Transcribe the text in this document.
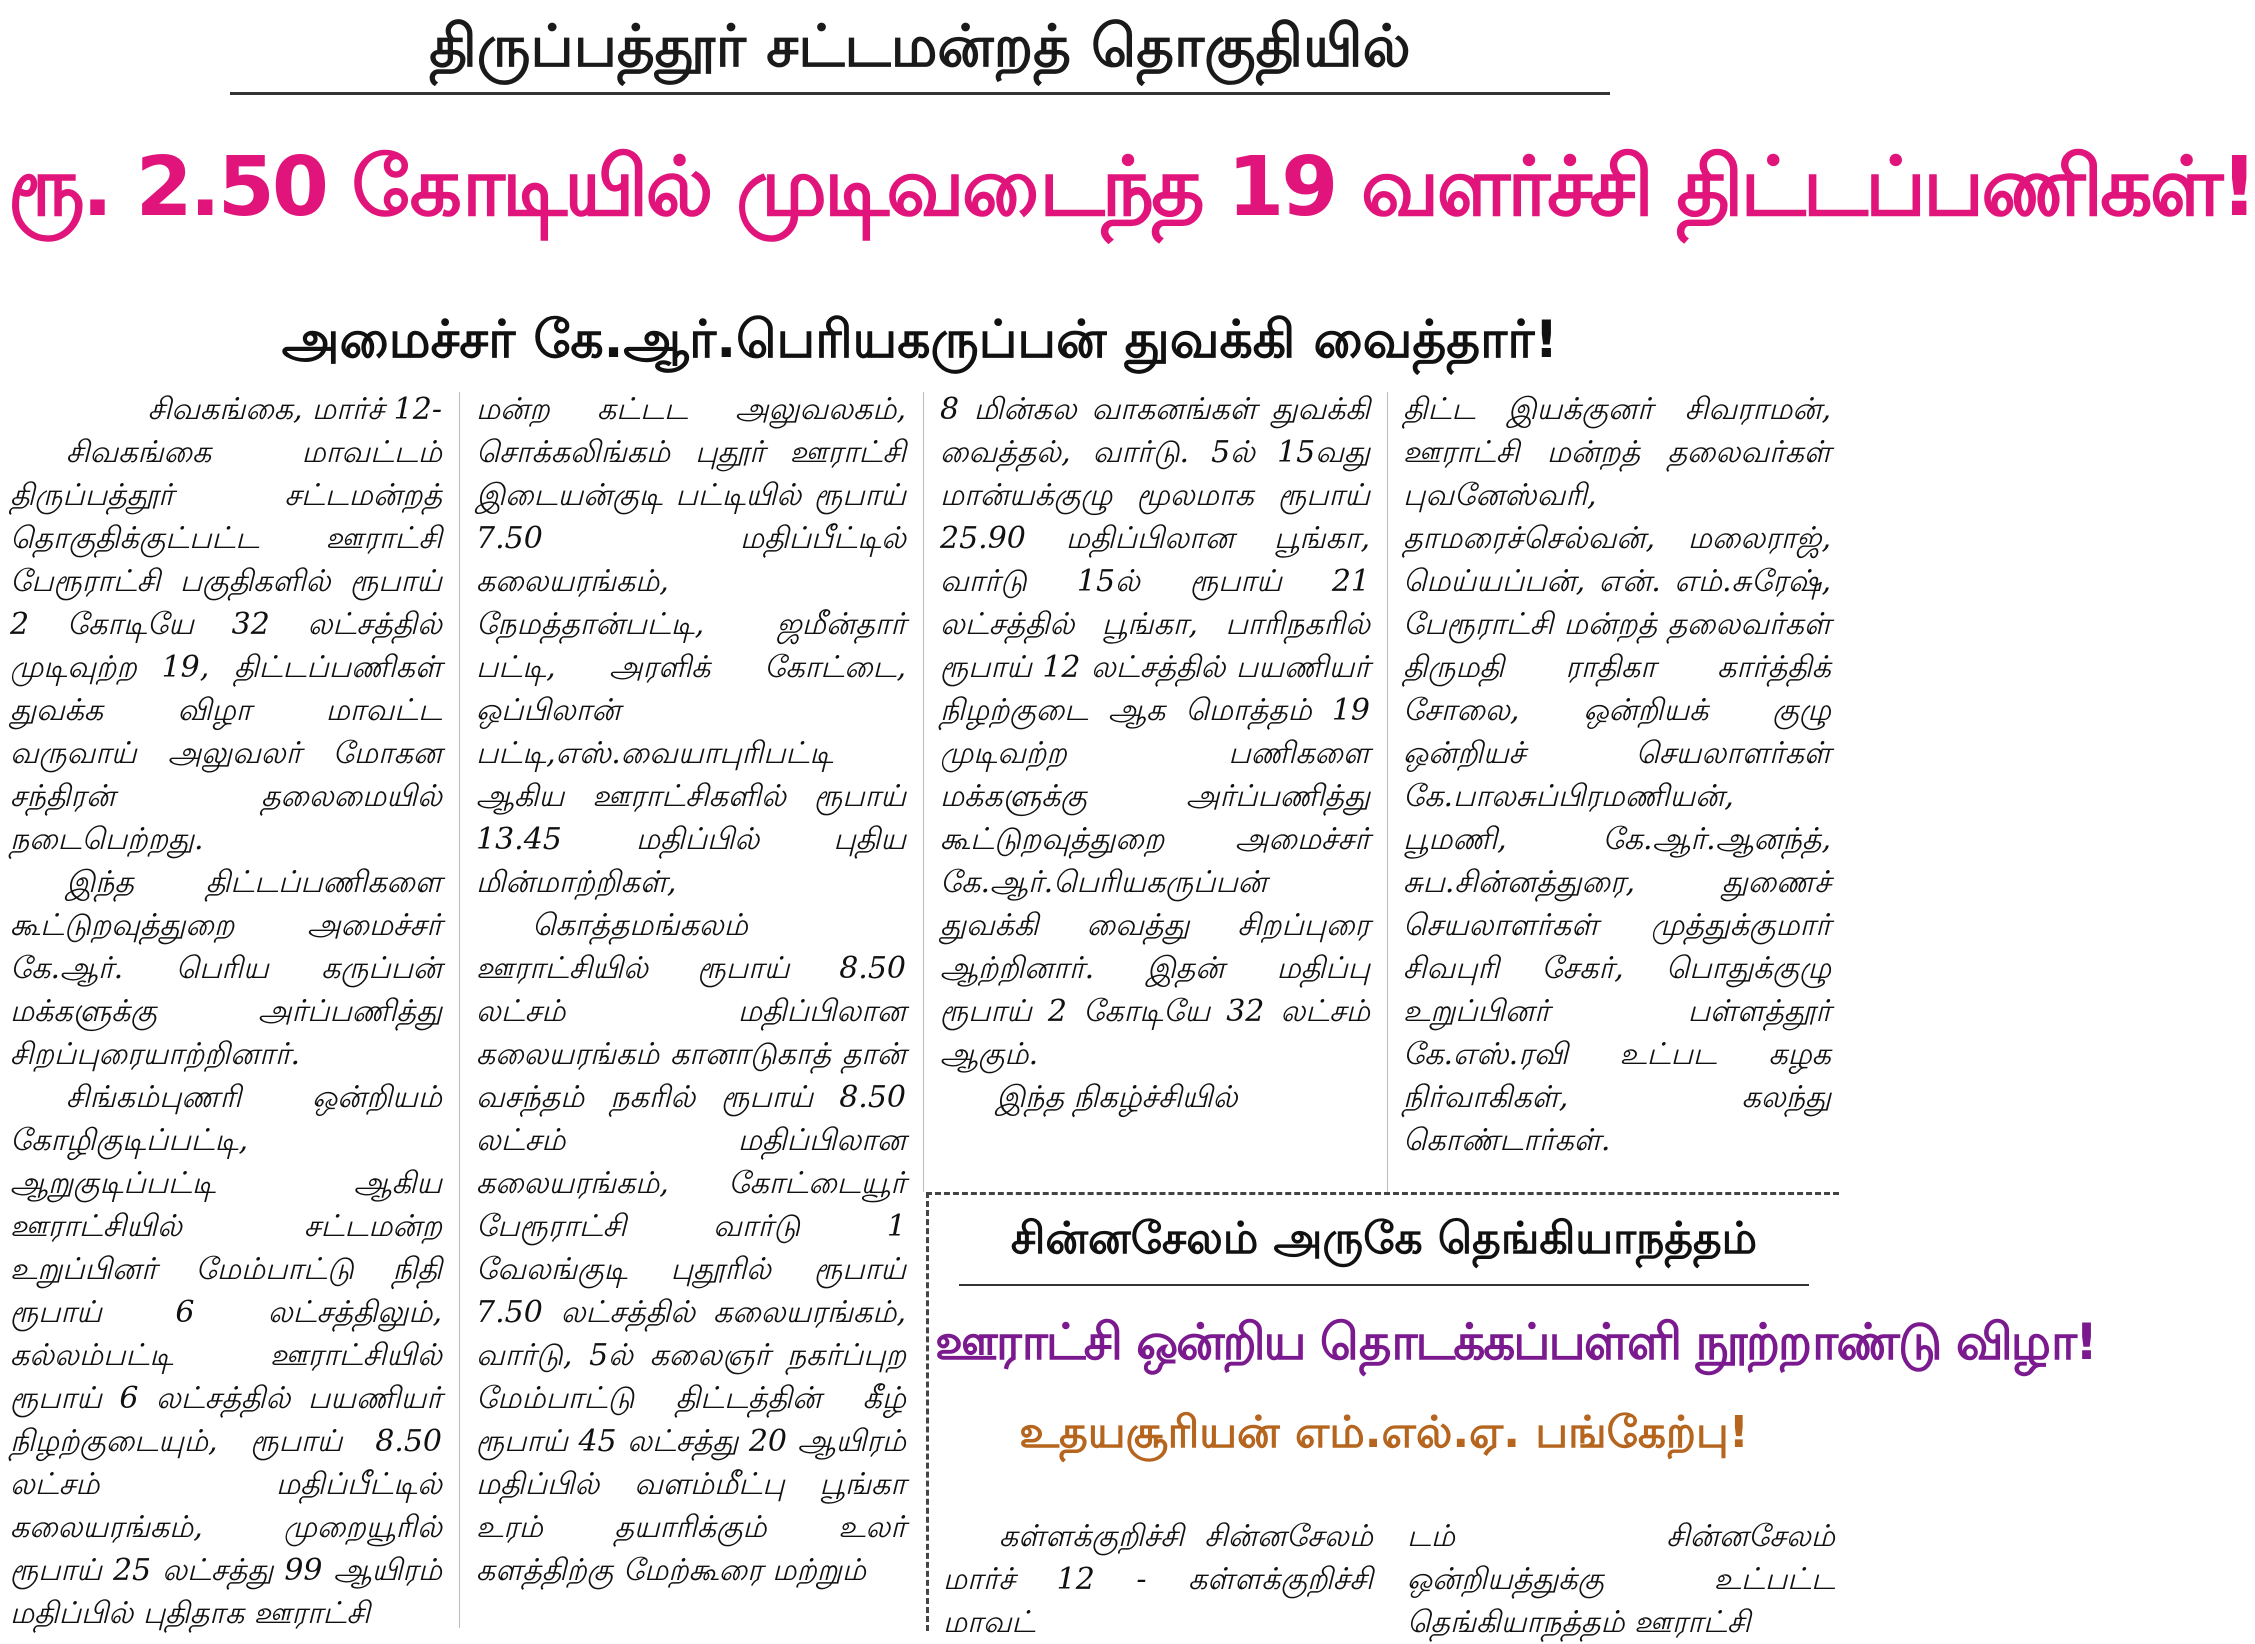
திருப்பத்தூர் சட்டமன்றத் தொகுதியில்
ரூ. 2.50 கோடியில் முடிவடைந்த 19 வளர்ச்சி திட்டப்பணிகள்!
அமைச்சர் கே.ஆர்.பெரியகருப்பன் துவக்கி வைத்தார்!

சிவகங்கை, மார்ச் 12-

சிவகங்கை மாவட்டம் திருப்பத்தூர் சட்டமன்றத் தொகுதிக்குட்பட்ட ஊராட்சி பேரூராட்சி பகுதிகளில் ரூபாய் 2 கோடியே 32 லட்சத்தில் முடிவுற்ற 19, திட்டப்பணிகள் துவக்க விழா மாவட்ட வருவாய் அலுவலர் மோகன சந்திரன் தலைமையில் நடைபெற்றது.

இந்த திட்டப்பணிகளை கூட்டுறவுத்துறை அமைச்சர் கே.ஆர். பெரிய கருப்பன் மக்களுக்கு அர்ப்பணித்து சிறப்புரையாற்றினார்.

சிங்கம்புணரி ஒன்றியம் கோழிகுடிப்பட்டி, ஆறுகுடிப்பட்டி ஆகிய ஊராட்சியில் சட்டமன்ற உறுப்பினர் மேம்பாட்டு நிதி ரூபாய் 6 லட்சத்திலும், கல்லம்பட்டி ஊராட்சியில் ரூபாய் 6 லட்சத்தில் பயணியர் நிழற்குடையும், ரூபாய் 8.50 லட்சம் மதிப்பீட்டில் கலையரங்கம், முறையூரில் ரூபாய் 25 லட்சத்து 99 ஆயிரம் மதிப்பில் புதிதாக ஊராட்சி

மன்ற கட்டட அலுவலகம், சொக்கலிங்கம் புதூர் ஊராட்சி இடையன்குடி பட்டியில் ரூபாய் 7.50 மதிப்பீட்டில் கலையரங்கம், நேமத்தான்பட்டி, ஜமீன்தார் பட்டி, அரளிக் கோட்டை, ஒப்பிலான் பட்டி,எஸ்.வையாபுரிபட்டி ஆகிய ஊராட்சிகளில் ரூபாய் 13.45 மதிப்பில் புதிய மின்மாற்றிகள்,

கொத்தமங்கலம் ஊராட்சியில் ரூபாய் 8.50 லட்சம் மதிப்பிலான கலையரங்கம் கானாடுகாத் தான் வசந்தம் நகரில் ரூபாய் 8.50 லட்சம் மதிப்பிலான கலையரங்கம், கோட்டையூர் பேரூராட்சி வார்டு 1 வேலங்குடி புதூரில் ரூபாய் 7.50 லட்சத்தில் கலையரங்கம், வார்டு, 5ல் கலைஞர் நகர்ப்புற மேம்பாட்டு திட்டத்தின் கீழ் ரூபாய் 45 லட்சத்து 20 ஆயிரம் மதிப்பில் வளம்மீட்பு பூங்கா உரம் தயாரிக்கும் உலர் களத்திற்கு மேற்கூரை மற்றும்

8 மின்கல வாகனங்கள் துவக்கி வைத்தல், வார்டு. 5ல் 15வது மான்யக்குழு மூலமாக ரூபாய் 25.90 மதிப்பிலான பூங்கா, வார்டு 15ல் ரூபாய் 21 லட்சத்தில் பூங்கா, பாரிநகரில் ரூபாய் 12 லட்சத்தில் பயணியர் நிழற்குடை ஆக மொத்தம் 19 முடிவற்ற பணிகளை மக்களுக்கு அர்ப்பணித்து கூட்டுறவுத்துறை அமைச்சர் கே.ஆர்.பெரியகருப்பன் துவக்கி வைத்து சிறப்புரை ஆற்றினார். இதன் மதிப்பு ரூபாய் 2 கோடியே 32 லட்சம் ஆகும்.

இந்த நிகழ்ச்சியில்

திட்ட இயக்குனர் சிவராமன், ஊராட்சி மன்றத் தலைவர்கள் புவனேஸ்வரி, தாமரைச்செல்வன், மலைராஜ், மெய்யப்பன், என். எம்.சுரேஷ், பேரூராட்சி மன்றத் தலைவர்கள் திருமதி ராதிகா கார்த்திக் சோலை, ஒன்றியக் குழு ஒன்றியச் செயலாளர்கள் கே.பாலசுப்பிரமணியன், பூமணி, கே.ஆர்.ஆனந்த், சுப.சின்னத்துரை, துணைச் செயலாளர்கள் முத்துக்குமார் சிவபுரி சேகர், பொதுக்குழு உறுப்பினர் பள்ளத்தூர் கே.எஸ்.ரவி உட்பட கழக நிர்வாகிகள், கலந்து கொண்டார்கள்.

சின்னசேலம் அருகே தெங்கியாநத்தம்
ஊராட்சி ஒன்றிய தொடக்கப்பள்ளி நூற்றாண்டு விழா!
உதயசூரியன் எம்.எல்.ஏ. பங்கேற்பு!

கள்ளக்குறிச்சி சின்னசேலம் மார்ச் 12 - கள்ளக்குறிச்சி மாவட்

டம் சின்னசேலம் ஒன்றியத்துக்கு உட்பட்ட தெங்கியாநத்தம் ஊராட்சி
